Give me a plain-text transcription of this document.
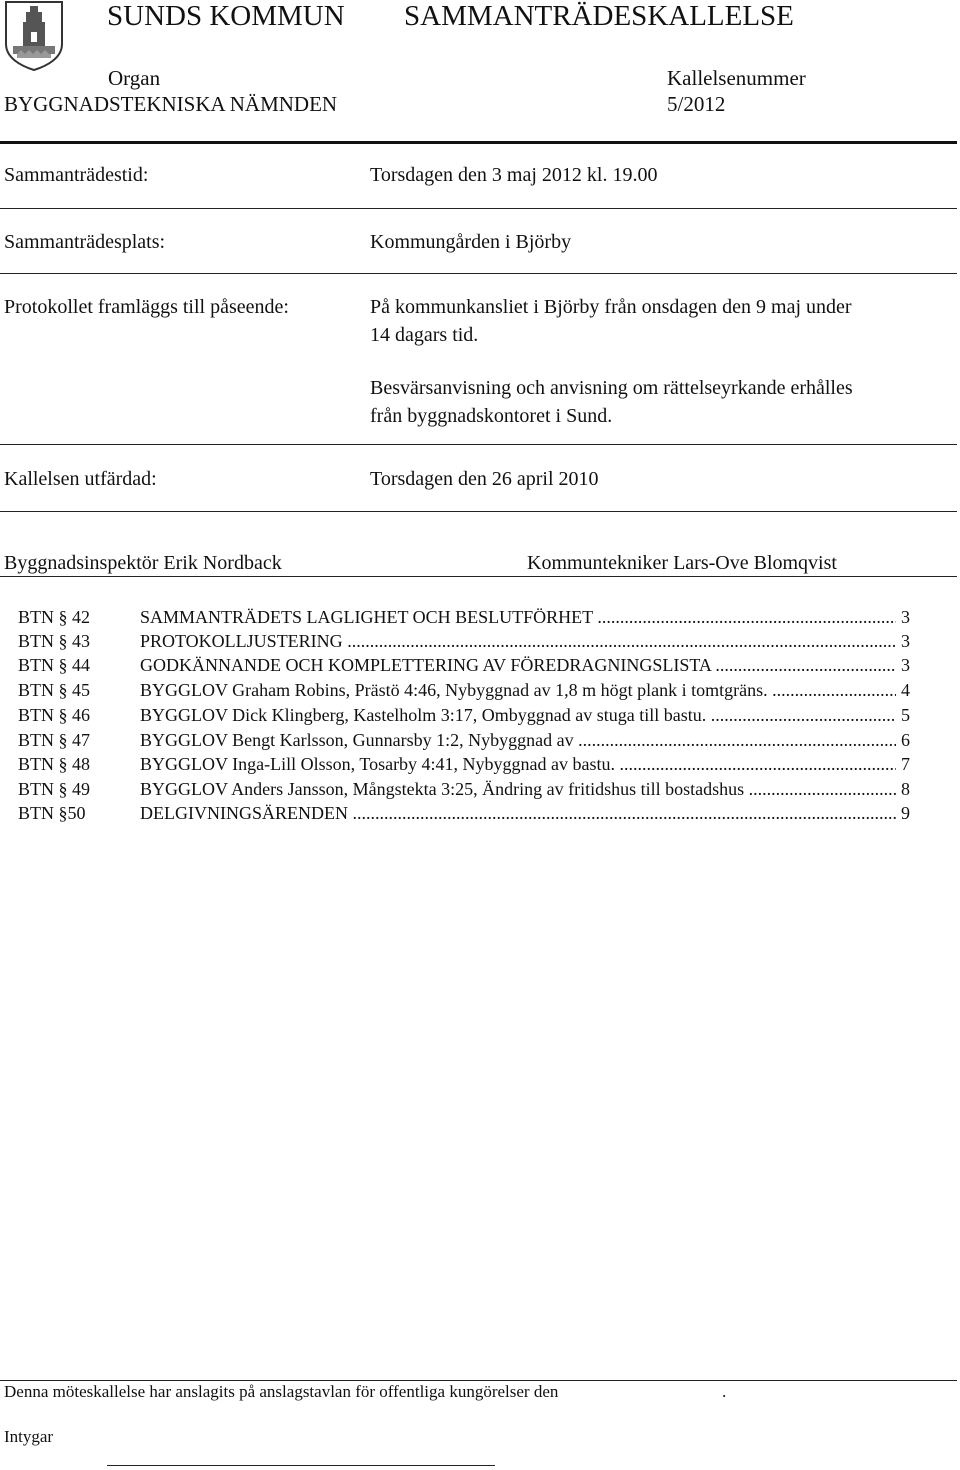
SUNDS KOMMUN SAMMANTRÄDESKALLELSE
Organ	Kallelsenummer
BYGGNADSTEKNISKA NÄMNDEN	5/2012
Sammanträdestid:	Torsdagen den 3 maj 2012 kl. 19.00
Sammanträdesplats:	Kommungården i Björby
Protokollet framläggs till påseende:	På kommunkansliet i Björby från onsdagen den 9 maj under
14 dagars tid.
Besvärsanvisning och anvisning om rättelseyrkande erhålles
från byggnadskontoret i Sund.
Kallelsen utfärdad:	Torsdagen den 26 april 2010
Byggnadsinspektör Erik Nordback	Kommuntekniker Lars-Ove Blomqvist
BTN § 42	SAMMANTRÄDETS LAGLIGHET OCH BESLUTFÖRHET .....	3
BTN § 43	PROTOKOLLJUSTERING .....	3
BTN § 44	GODKÄNNANDE OCH KOMPLETTERING AV FÖREDRAGNINGSLISTA .....	3
BTN § 45	BYGGLOV Graham Robins, Prästö 4:46, Nybyggnad av 1,8 m högt plank i tomtgräns. .....	4
BTN § 46	BYGGLOV Dick Klingberg, Kastelholm 3:17, Ombyggnad av stuga till bastu. .....	5
BTN § 47	BYGGLOV Bengt Karlsson, Gunnarsby 1:2, Nybyggnad av .....	6
BTN § 48	BYGGLOV Inga-Lill Olsson, Tosarby 4:41, Nybyggnad av bastu. .....	7
BTN § 49	BYGGLOV Anders Jansson, Mångstekta 3:25, Ändring av fritidshus till bostadshus .....	8
BTN §50	DELGIVNINGSÄRENDEN .....	9
Denna möteskallelse har anslagits på anslagstavlan för offentliga kungörelser den	.
Intygar
